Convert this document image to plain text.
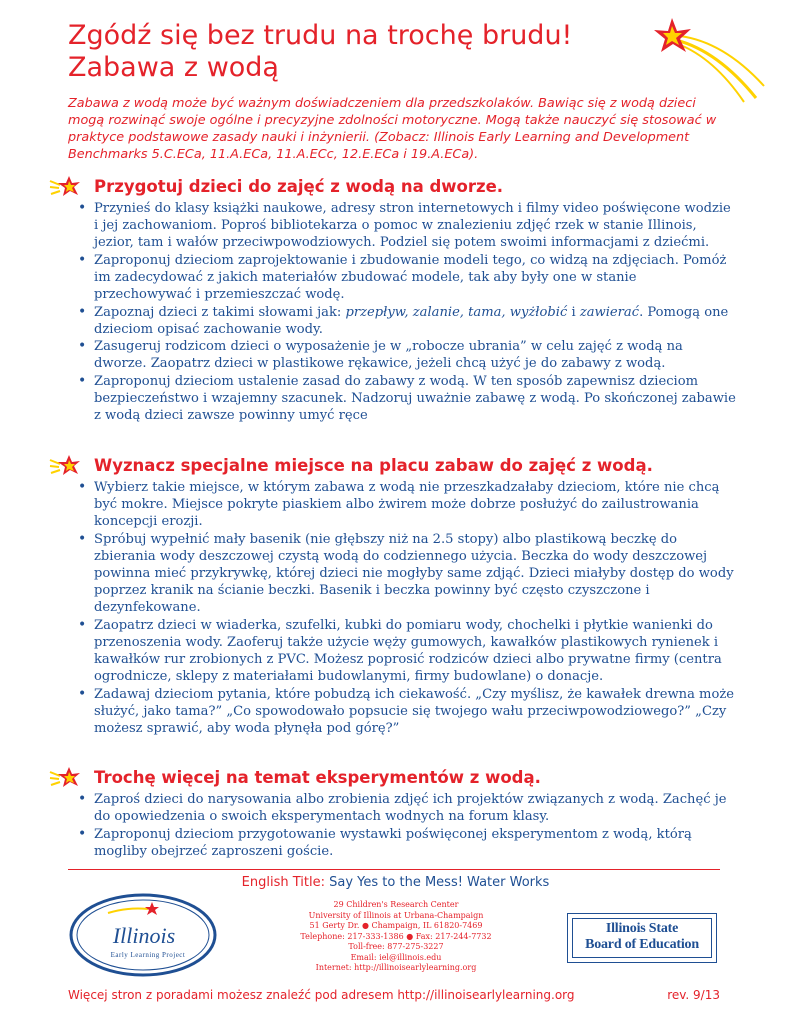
Zgódź się bez trudu na trochę brudu!
Zabawa z wodą

Zabawa z wodą może być ważnym doświadczeniem dla przedszkolaków. Bawiąc się z wodą dzieci mogą rozwinąć swoje ogólne i precyzyjne zdolności motoryczne. Mogą także nauczyć się stosować w praktyce podstawowe zasady nauki i inżynierii. (Zobacz: Illinois Early Learning and Development Benchmarks 5.C.ECa, 11.A.ECa, 11.A.ECc, 12.E.ECa i 19.A.ECa).

Przygotuj dzieci do zajęć z wodą na dworze.
• Przynieś do klasy książki naukowe, adresy stron internetowych i filmy video poświęcone wodzie i jej zachowaniom. Poproś bibliotekarza o pomoc w znalezieniu zdjęć rzek w stanie Illinois, jezior, tam i wałów przeciwpowodziowych. Podziel się potem swoimi informacjami z dziećmi.
• Zaproponuj dzieciom zaprojektowanie i zbudowanie modeli tego, co widzą na zdjęciach. Pomóż im zadecydować z jakich materiałów zbudować modele, tak aby były one w stanie przechowywać i przemieszczać wodę.
• Zapoznaj dzieci z takimi słowami jak: przepływ, zalanie, tama, wyżłobić i zawierać. Pomogą one dzieciom opisać zachowanie wody.
• Zasugeruj rodzicom dzieci o wyposażenie je w „robocze ubrania” w celu zajęć z wodą na dworze. Zaopatrz dzieci w plastikowe rękawice, jeżeli chcą użyć je do zabawy z wodą.
• Zaproponuj dzieciom ustalenie zasad do zabawy z wodą. W ten sposób zapewnisz dzieciom bezpieczeństwo i wzajemny szacunek. Nadzoruj uważnie zabawę z wodą. Po skończonej zabawie z wodą dzieci zawsze powinny umyć ręce
Wyznacz specjalne miejsce na placu zabaw do zajęć z wodą.
• Wybierz takie miejsce, w którym zabawa z wodą nie przeszkadzałaby dzieciom, które nie chcą być mokre. Miejsce pokryte piaskiem albo żwirem może dobrze posłużyć do zailustrowania koncepcji erozji.
• Spróbuj wypełnić mały basenik (nie głębszy niż na 2.5 stopy) albo plastikową beczkę do zbierania wody deszczowej czystą wodą do codziennego użycia. Beczka do wody deszczowej powinna mieć przykrywkę, której dzieci nie mogłyby same zdjąć. Dzieci miałyby dostęp do wody poprzez kranik na ścianie beczki. Basenik i beczka powinny być często czyszczone i dezynfekowane.
• Zaopatrz dzieci w wiaderka, szufelki, kubki do pomiaru wody, chochelki i płytkie wanienki do przenoszenia wody. Zaoferuj także użycie węży gumowych, kawałków plastikowych rynienek i kawałków rur zrobionych z PVC. Możesz poprosić rodziców dzieci albo prywatne firmy (centra ogrodnicze, sklepy z materiałami budowlanymi, firmy budowlane) o donacje.
• Zadawaj dzieciom pytania, które pobudzą ich ciekawość. „Czy myślisz, że kawałek drewna może służyć, jako tama?” „Co spowodowało popsucie się twojego wału przeciwpowodziowego?” „Czy możesz sprawić, aby woda płynęła pod górę?”
Trochę więcej na temat eksperymentów z wodą.
• Zaproś dzieci do narysowania albo zrobienia zdjęć ich projektów związanych z wodą. Zachęć je do opowiedzenia o swoich eksperymentach wodnych na forum klasy.
• Zaproponuj dzieciom przygotowanie wystawki poświęconej eksperymentom z wodą, którą mogliby obejrzeć zaproszeni goście.
English Title: Say Yes to the Mess! Water Works
Illinois
Early Learning Project
29 Children's Research Center
University of Illinois at Urbana-Champaign
51 Gerty Dr. ● Champaign, IL 61820-7469
Telephone: 217-333-1386 ● Fax: 217-244-7732
Toll-free: 877-275-3227
Email: iel@illinois.edu
Internet: http://illinoisearlylearning.org
Illinois State
Board of Education
Więcej stron z poradami możesz znaleźć pod adresem http://illinoisearlylearning.org	rev. 9/13
